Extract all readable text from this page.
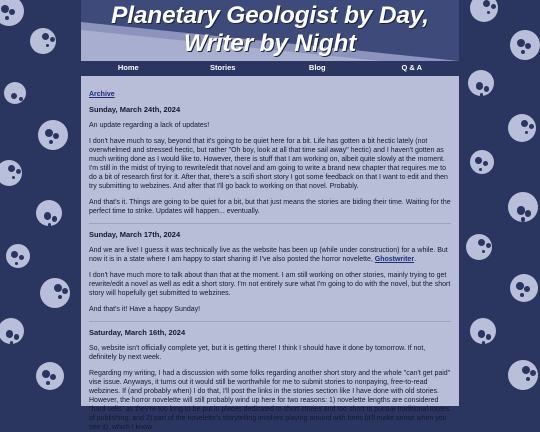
Planetary Geologist by Day,
Writer by Night
Home	Stories	Blog	Q & A
Archive
Sunday, March 24th, 2024

An update regarding a lack of updates!

I don't have much to say, beyond that it's going to be quiet here for a bit. Life has gotten a bit hectic lately (not overwhelmed and stressed hectic, but rather "Oh boy, look at all that time sail away" hectic) and I haven't gotten as much writing done as I would like to. However, there is stuff that I am working on, albeit quite slowly at the moment. I'm still in the midst of trying to rewrite/edit that novel and am going to write a brand new chapter that requires me to do a bit of research first for it. After that, there's a scifi short story I got some feedback on that I want to edit and then try submitting to webzines. And after that I'll go back to working on that novel. Probably.

And that's it. Things are going to be quiet for a bit, but that just means the stories are biding their time. Waiting for the perfect time to strike. Updates will happen... eventually.

Sunday, March 17th, 2024

And we are live! I guess it was technically live as the website has been up (while under construction) for a while. But now it is in a state where I am happy to start sharing it! I've also posted the horror novelette, Ghostwriter.

I don't have much more to talk about than that at the moment. I am still working on other stories, mainly trying to get rewrite/edit a novel as well as edit a short story. I'm not entirely sure what I'm going to do with the novel, but the short story will hopefully get submitted to webzines.

And that's it! Have a happy Sunday!

Saturday, March 16th, 2024

So, website isn't officially complete yet, but it is getting there! I think I should have it done by tomorrow. If not, definitely by next week.

Regarding my writing, I had a discussion with some folks regarding another short story and the whole "can't get paid" vise issue. Anyways, it turns out it would still be worthwhile for me to submit stories to nonpaying, free-to-read webzines. If (and probably when) I do that, I'll post the links in the stories section like I have done with old stories. However, the horror novelette will still probably wind up here for two reasons: 1) novelette lengths are considered "hard sells" as they're too long to be put in places dedicated to short stories and too short to pursue traditional routes of publishing; and 2) part of the novelette's storytelling involves playing around with fonts (it'll make sense when you see it), which I know
